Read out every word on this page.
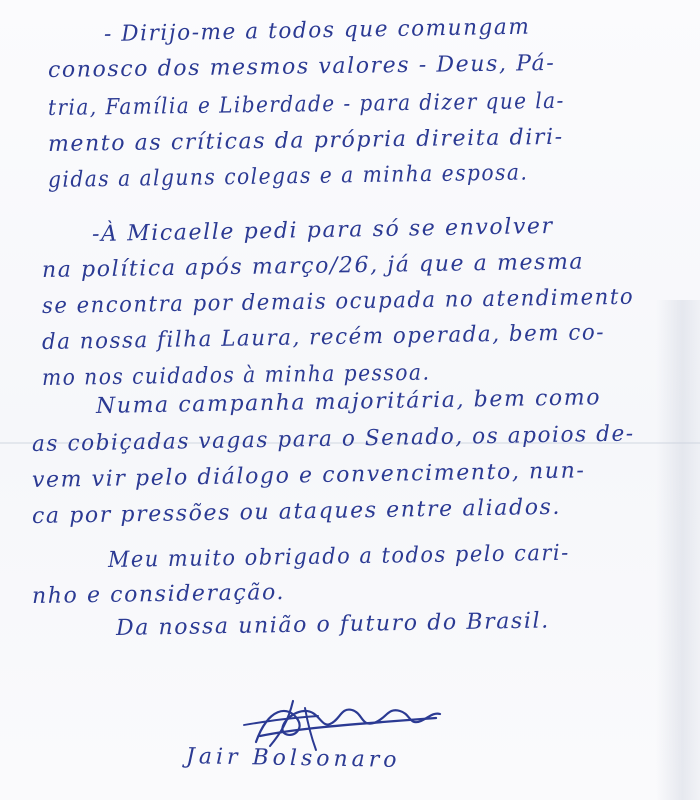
- Dirijo-me a todos que comungam

conosco dos mesmos valores - Deus, Pá-

tria, Família e Liberdade - para dizer que la-

mento as críticas da própria direita diri-

gidas a alguns colegas e a minha esposa.

-À Micaelle pedi para só se envolver

na política após março/26, já que a mesma

se encontra por demais ocupada no atendimento

da nossa filha Laura, recém operada, bem co-

mo nos cuidados à minha pessoa.

Numa campanha majoritária, bem como

as cobiçadas vagas para o Senado, os apoios de-

vem vir pelo diálogo e convencimento, nun-

ca por pressões ou ataques entre aliados.

Meu muito obrigado a todos pelo cari-

nho e consideração.

Da nossa união o futuro do Brasil.

Jair Bolsonaro
